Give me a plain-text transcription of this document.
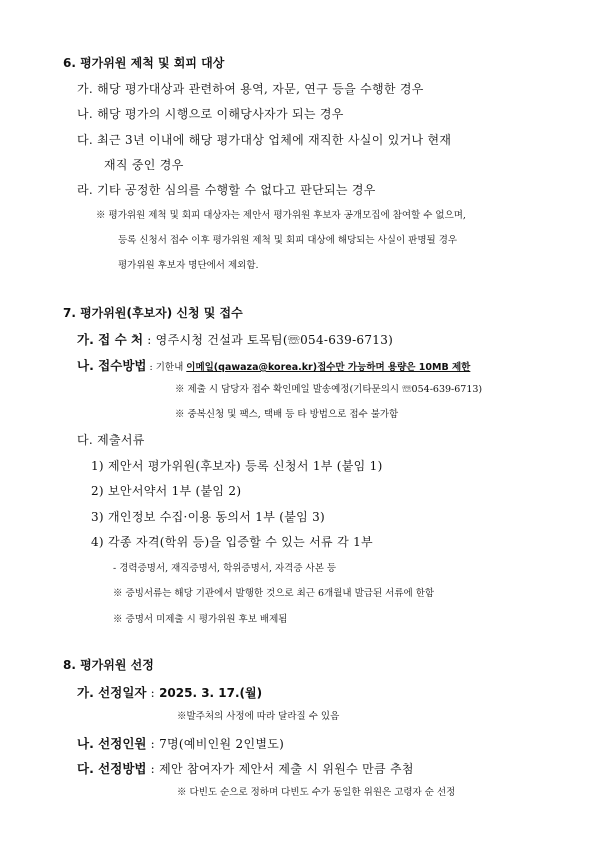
6. 평가위원 제척 및 회피 대상
가. 해당 평가대상과 관련하여 용역, 자문, 연구 등을 수행한 경우
나. 해당 평가의 시행으로 이해당사자가 되는 경우
다. 최근 3년 이내에 해당 평가대상 업체에 재직한 사실이 있거나 현재
재직 중인 경우
라. 기타 공정한 심의를 수행할 수 없다고 판단되는 경우
※ 평가위원 제척 및 회피 대상자는 제안서 평가위원 후보자 공개모집에 참여할 수 없으며,
등록 신청서 접수 이후 평가위원 제척 및 회피 대상에 해당되는 사실이 판명될 경우
평가위원 후보자 명단에서 제외함.
7. 평가위원(후보자) 신청 및 접수
가. 접 수 처 : 영주시청 건설과 토목팀(☏054-639-6713)
나. 접수방법 : 기한내 이메일(qawaza@korea.kr)접수만 가능하며 용량은 10MB 제한
※ 제출 시 담당자 접수 확인메일 발송예정(기타문의시 ☏054-639-6713)
※ 중복신청 및 팩스, 택배 등 타 방법으로 접수 불가함
다. 제출서류
1) 제안서 평가위원(후보자) 등록 신청서 1부 (붙임 1)
2) 보안서약서 1부 (붙임 2)
3) 개인정보 수집·이용 동의서 1부 (붙임 3)
4) 각종 자격(학위 등)을 입증할 수 있는 서류 각 1부
- 경력증명서, 재직증명서, 학위증명서, 자격증 사본 등
※ 증빙서류는 해당 기관에서 발행한 것으로 최근 6개월내 발급된 서류에 한함
※ 증명서 미제출 시 평가위원 후보 배제됨
8. 평가위원 선정
가. 선정일자 : 2025. 3. 17.(월)
※발주처의 사정에 따라 달라질 수 있음
나. 선정인원 : 7명(예비인원 2인별도)
다. 선정방법 : 제안 참여자가 제안서 제출 시 위원수 만큼 추첨
※ 다빈도 순으로 정하며 다빈도 수가 동일한 위원은 고령자 순 선정
